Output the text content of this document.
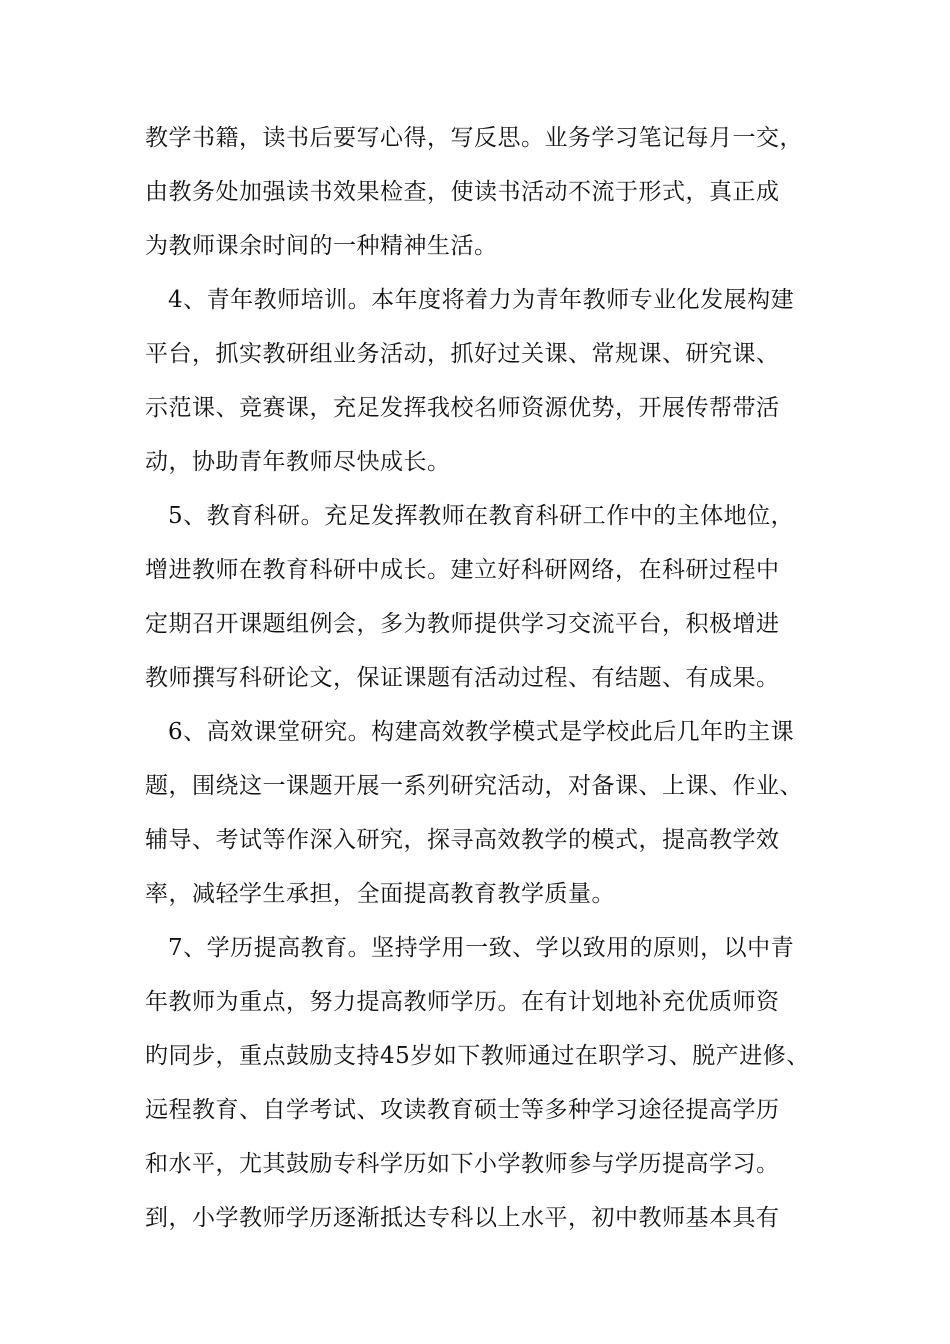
教学书籍，读书后要写心得，写反思。业务学习笔记每月一交，
由教务处加强读书效果检查，使读书活动不流于形式，真正成
为教师课余时间的一种精神生活。
4、青年教师培训。本年度将着力为青年教师专业化发展构建
平台，抓实教研组业务活动，抓好过关课、常规课、研究课、
示范课、竞赛课，充足发挥我校名师资源优势，开展传帮带活
动，协助青年教师尽快成长。
5、教育科研。充足发挥教师在教育科研工作中的主体地位，
增进教师在教育科研中成长。建立好科研网络，在科研过程中
定期召开课题组例会，多为教师提供学习交流平台，积极增进
教师撰写科研论文，保证课题有活动过程、有结题、有成果。
6、高效课堂研究。构建高效教学模式是学校此后几年旳主课
题，围绕这一课题开展一系列研究活动，对备课、上课、作业、
辅导、考试等作深入研究，探寻高效教学的模式，提高教学效
率，减轻学生承担，全面提高教育教学质量。
7、学历提高教育。坚持学用一致、学以致用的原则，以中青
年教师为重点，努力提高教师学历。在有计划地补充优质师资
旳同步，重点鼓励支持45岁如下教师通过在职学习、脱产进修、
远程教育、自学考试、攻读教育硕士等多种学习途径提高学历
和水平，尤其鼓励专科学历如下小学教师参与学历提高学习。
到，小学教师学历逐渐抵达专科以上水平，初中教师基本具有
